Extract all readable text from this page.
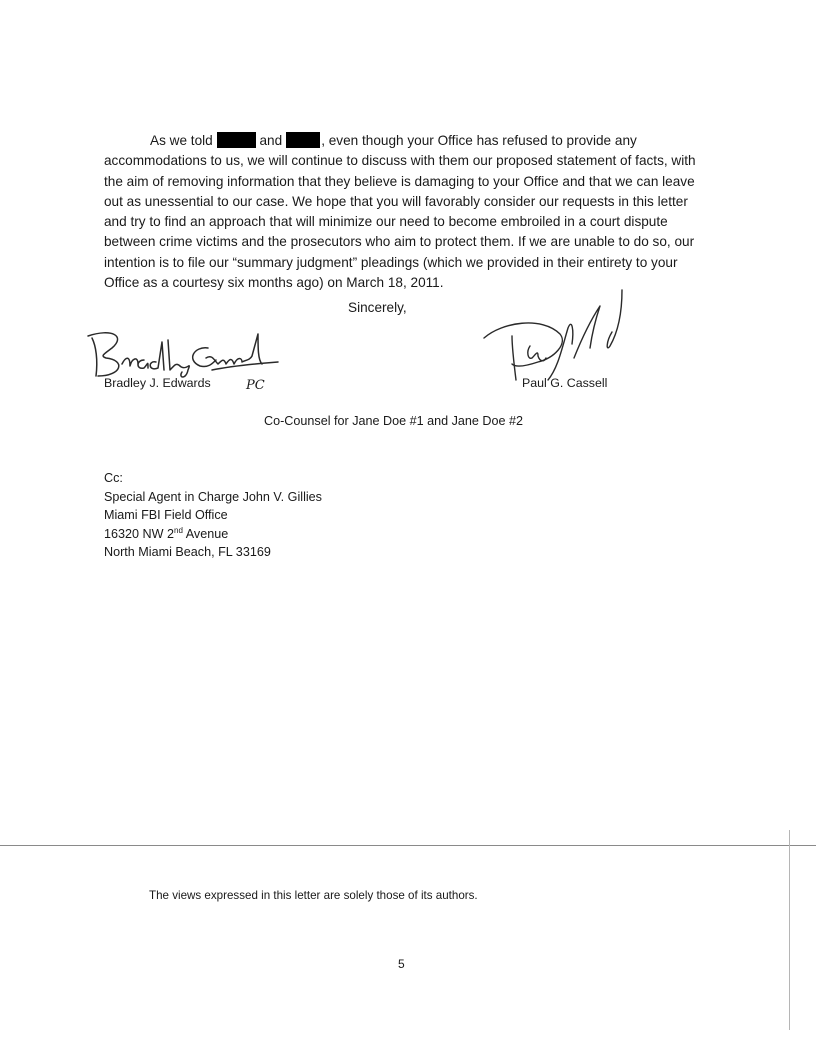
As we told	and	, even though your Office has refused to provide any accommodations to us, we will continue to discuss with them our proposed statement of facts, with the aim of removing information that they believe is damaging to your Office and that we can leave out as unessential to our case. We hope that you will favorably consider our requests in this letter and try to find an approach that will minimize our need to become embroiled in a court dispute between crime victims and the prosecutors who aim to protect them. If we are unable to do so, our intention is to file our “summary judgment” pleadings (which we provided in their entirety to your Office as a courtesy six months ago) on March 18, 2011.

Sincerely,

Bradley J. Edwards	PC	Paul G. Cassell

Co-Counsel for Jane Doe #1 and Jane Doe #2

Cc:
Special Agent in Charge John V. Gillies
Miami FBI Field Office
16320 NW 2nd Avenue
North Miami Beach, FL 33169

The views expressed in this letter are solely those of its authors.

5
